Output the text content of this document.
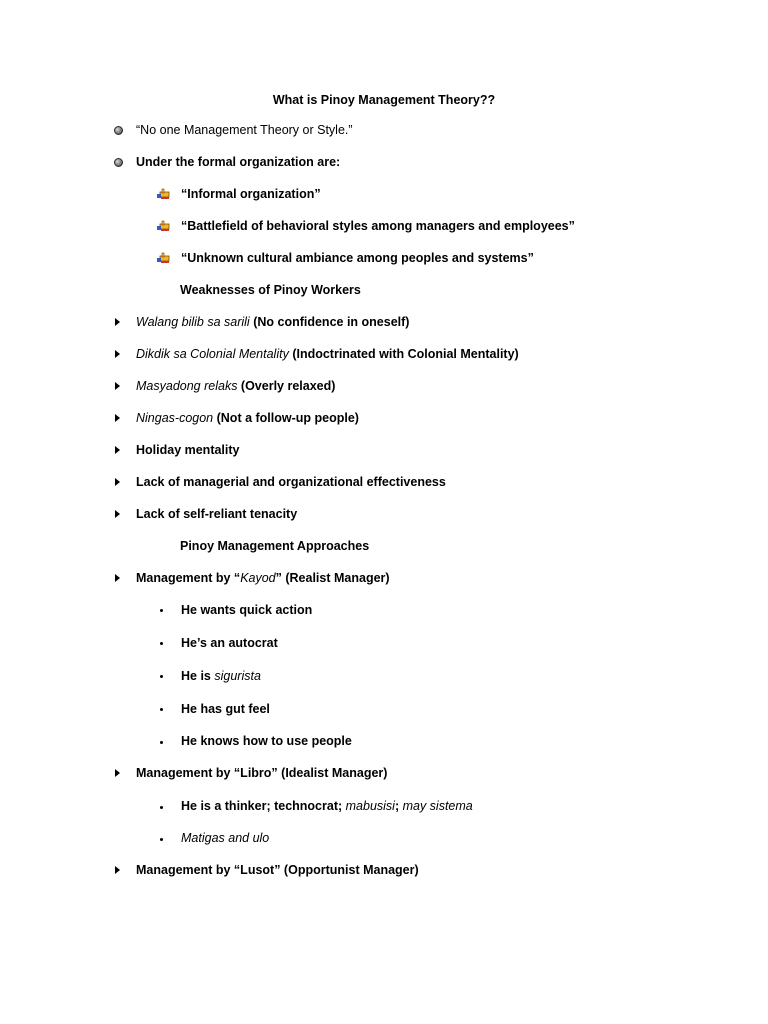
What is Pinoy Management Theory??
“No one Management Theory or Style.”
Under the formal organization are:
“Informal organization”
“Battlefield of behavioral styles among managers and employees”
“Unknown cultural ambiance among peoples and systems”
Weaknesses of Pinoy Workers
Walang bilib sa sarili (No confidence in oneself)
Dikdik sa Colonial Mentality (Indoctrinated with Colonial Mentality)
Masyadong relaks (Overly relaxed)
Ningas-cogon (Not a follow-up people)
Holiday mentality
Lack of managerial and organizational effectiveness
Lack of self-reliant tenacity
Pinoy Management Approaches
Management by “Kayod” (Realist Manager)
He wants quick action
He’s an autocrat
He is sigurista
He has gut feel
He knows how to use people
Management by “Libro” (Idealist Manager)
He is a thinker; technocrat; mabusisi; may sistema
Matigas and ulo
Management by “Lusot” (Opportunist Manager)
